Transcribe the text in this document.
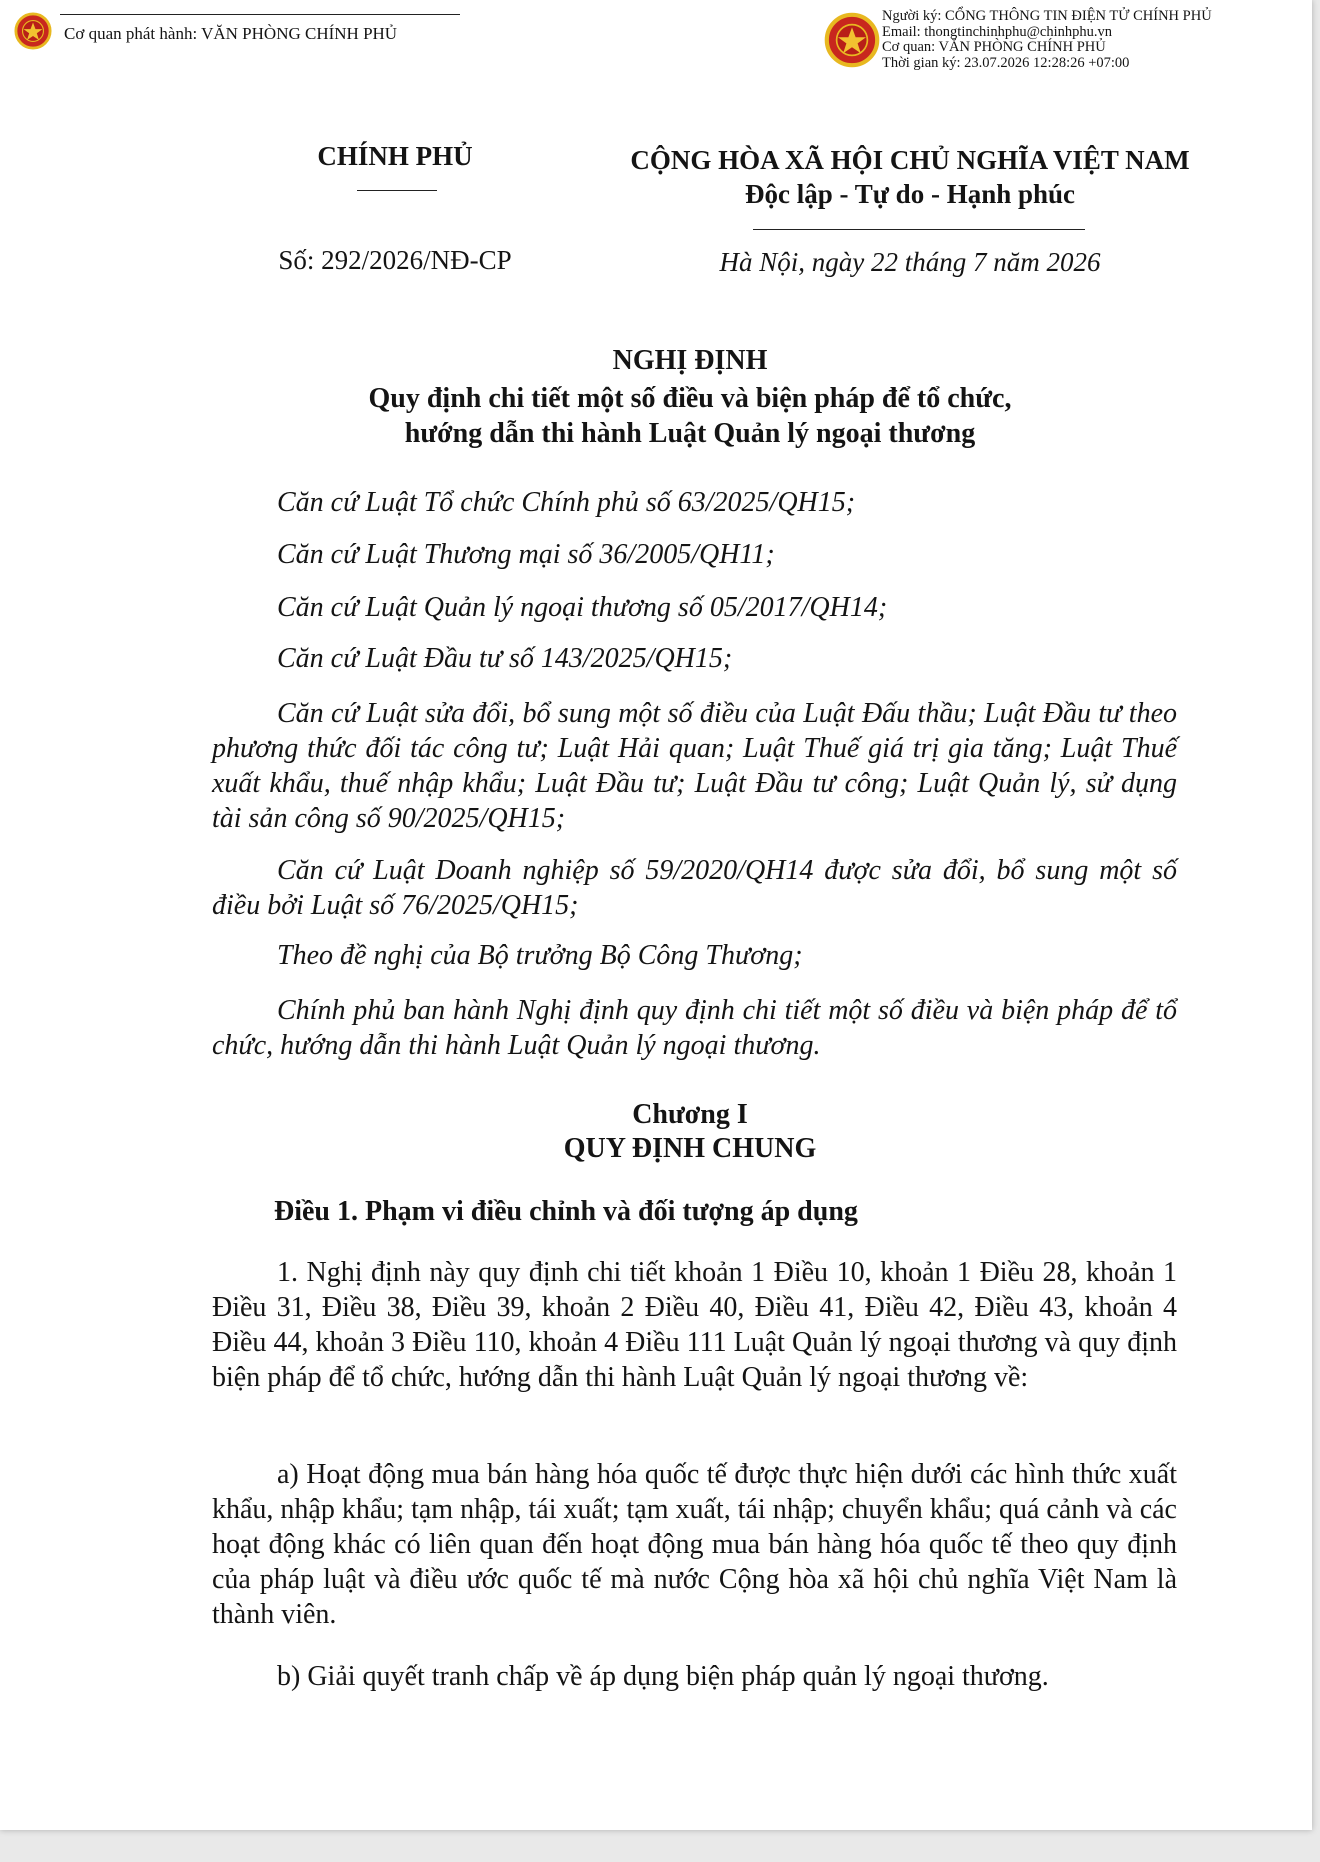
Cơ quan phát hành: VĂN PHÒNG CHÍNH PHỦ
Người ký: CỔNG THÔNG TIN ĐIỆN TỬ CHÍNH PHỦ
Email: thongtinchinhphu@chinhphu.vn
Cơ quan: VĂN PHÒNG CHÍNH PHỦ
Thời gian ký: 23.07.2026 12:28:26 +07:00
CHÍNH PHỦ	CỘNG HÒA XÃ HỘI CHỦ NGHĨA VIỆT NAM
Độc lập - Tự do - Hạnh phúc
Số: 292/2026/NĐ-CP	Hà Nội, ngày 22 tháng 7 năm 2026
NGHỊ ĐỊNH
Quy định chi tiết một số điều và biện pháp để tổ chức,
hướng dẫn thi hành Luật Quản lý ngoại thương
Căn cứ Luật Tổ chức Chính phủ số 63/2025/QH15;
Căn cứ Luật Thương mại số 36/2005/QH11;
Căn cứ Luật Quản lý ngoại thương số 05/2017/QH14;
Căn cứ Luật Đầu tư số 143/2025/QH15;
Căn cứ Luật sửa đổi, bổ sung một số điều của Luật Đấu thầu; Luật Đầu tư theo phương thức đối tác công tư; Luật Hải quan; Luật Thuế giá trị gia tăng; Luật Thuế xuất khẩu, thuế nhập khẩu; Luật Đầu tư; Luật Đầu tư công; Luật Quản lý, sử dụng tài sản công số 90/2025/QH15;
Căn cứ Luật Doanh nghiệp số 59/2020/QH14 được sửa đổi, bổ sung một số điều bởi Luật số 76/2025/QH15;
Theo đề nghị của Bộ trưởng Bộ Công Thương;
Chính phủ ban hành Nghị định quy định chi tiết một số điều và biện pháp để tổ chức, hướng dẫn thi hành Luật Quản lý ngoại thương.
Chương I
QUY ĐỊNH CHUNG
Điều 1. Phạm vi điều chỉnh và đối tượng áp dụng
1. Nghị định này quy định chi tiết khoản 1 Điều 10, khoản 1 Điều 28, khoản 1 Điều 31, Điều 38, Điều 39, khoản 2 Điều 40, Điều 41, Điều 42, Điều 43, khoản 4 Điều 44, khoản 3 Điều 110, khoản 4 Điều 111 Luật Quản lý ngoại thương và quy định biện pháp để tổ chức, hướng dẫn thi hành Luật Quản lý ngoại thương về:
a) Hoạt động mua bán hàng hóa quốc tế được thực hiện dưới các hình thức xuất khẩu, nhập khẩu; tạm nhập, tái xuất; tạm xuất, tái nhập; chuyển khẩu; quá cảnh và các hoạt động khác có liên quan đến hoạt động mua bán hàng hóa quốc tế theo quy định của pháp luật và điều ước quốc tế mà nước Cộng hòa xã hội chủ nghĩa Việt Nam là thành viên.
b) Giải quyết tranh chấp về áp dụng biện pháp quản lý ngoại thương.
